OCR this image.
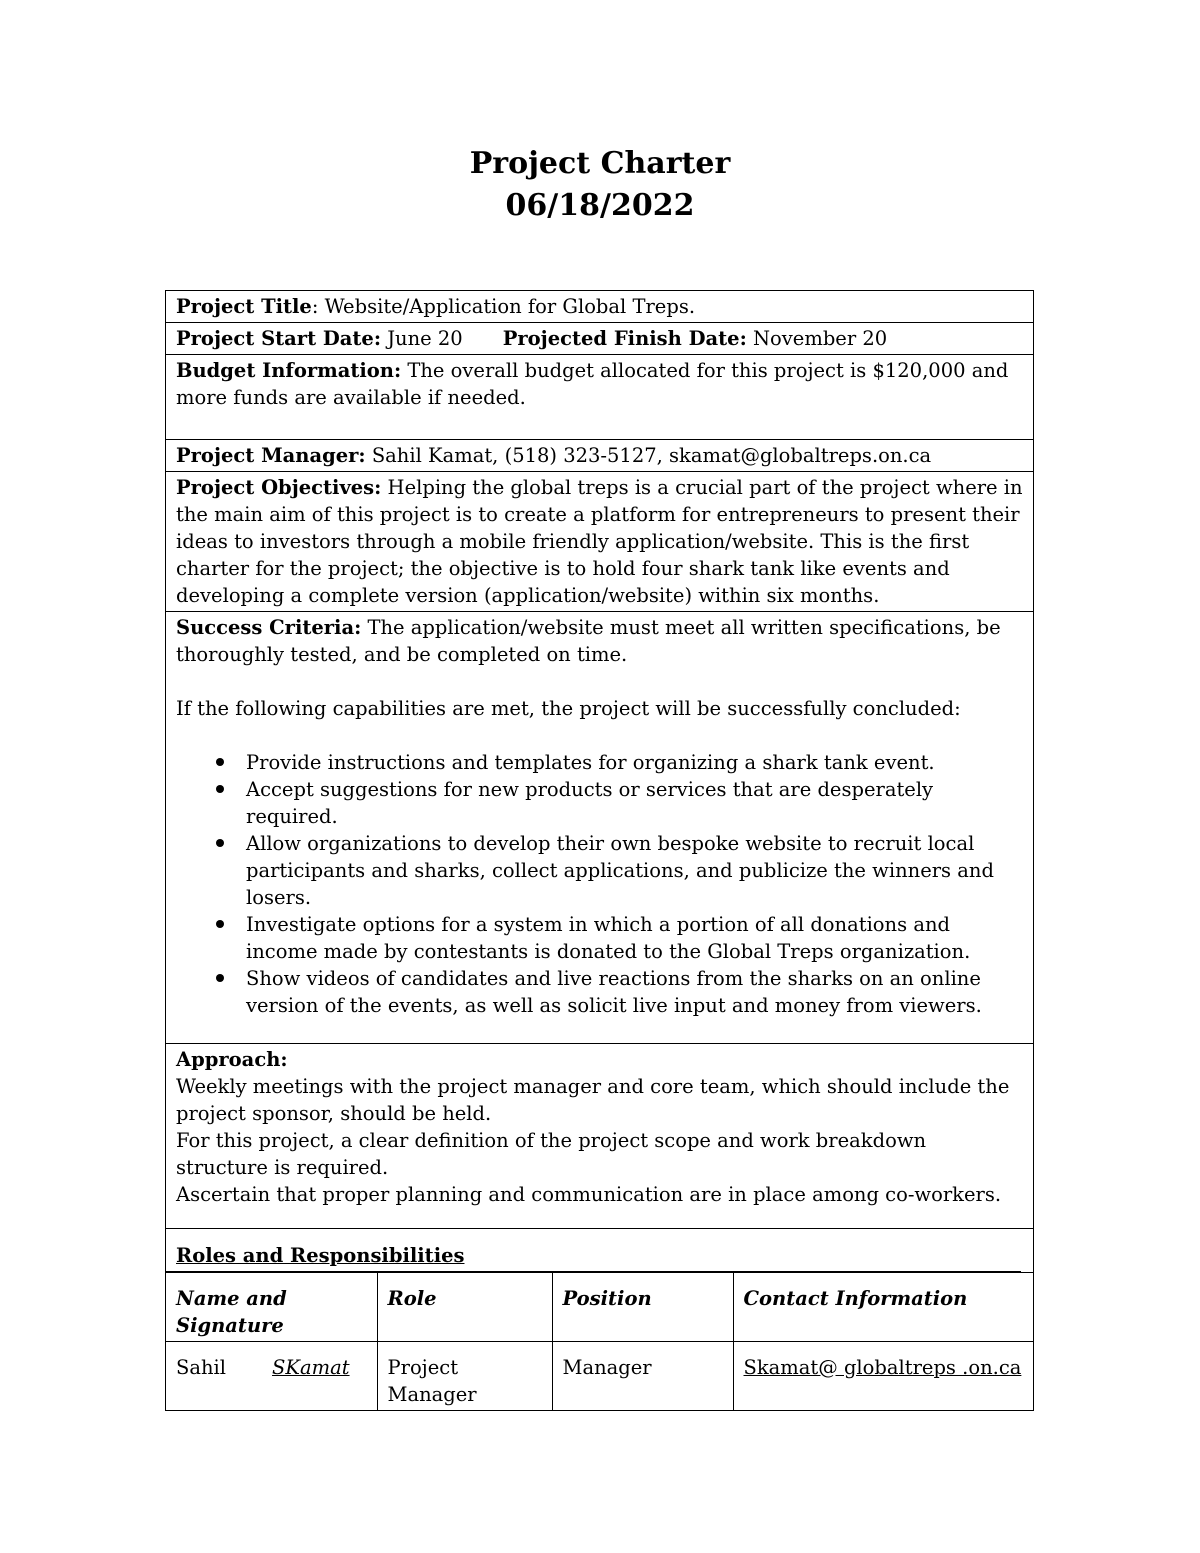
Project Charter
06/18/2022
Project Title: Website/Application for Global Treps.
Project Start Date: June 20 Projected Finish Date: November 20
Budget Information: The overall budget allocated for this project is $120,000 and more funds are available if needed.
Project Manager: Sahil Kamat, (518) 323-5127, skamat@globaltreps.on.ca
Project Objectives: Helping the global treps is a crucial part of the project where in the main aim of this project is to create a platform for entrepreneurs to present their ideas to investors through a mobile friendly application/website. This is the first charter for the project; the objective is to hold four shark tank like events and developing a complete version (application/website) within six months.

Success Criteria: The application/website must meet all written specifications, be thoroughly tested, and be completed on time.

If the following capabilities are met, the project will be successfully concluded:

Provide instructions and templates for organizing a shark tank event.
Accept suggestions for new products or services that are desperately required.
Allow organizations to develop their own bespoke website to recruit local participants and sharks, collect applications, and publicize the winners and losers.
Investigate options for a system in which a portion of all donations and income made by contestants is donated to the Global Treps organization.
Show videos of candidates and live reactions from the sharks on an online version of the events, as well as solicit live input and money from viewers.

Approach:

Weekly meetings with the project manager and core team, which should include the project sponsor, should be held.

For this project, a clear definition of the project scope and work breakdown structure is required.

Ascertain that proper planning and communication are in place among co-workers.

Roles and Responsibilities
Name and Signature	Role	Position	Contact Information
Sahil SKamat	Project Manager	Manager	Skamat@ globaltreps .on.ca
